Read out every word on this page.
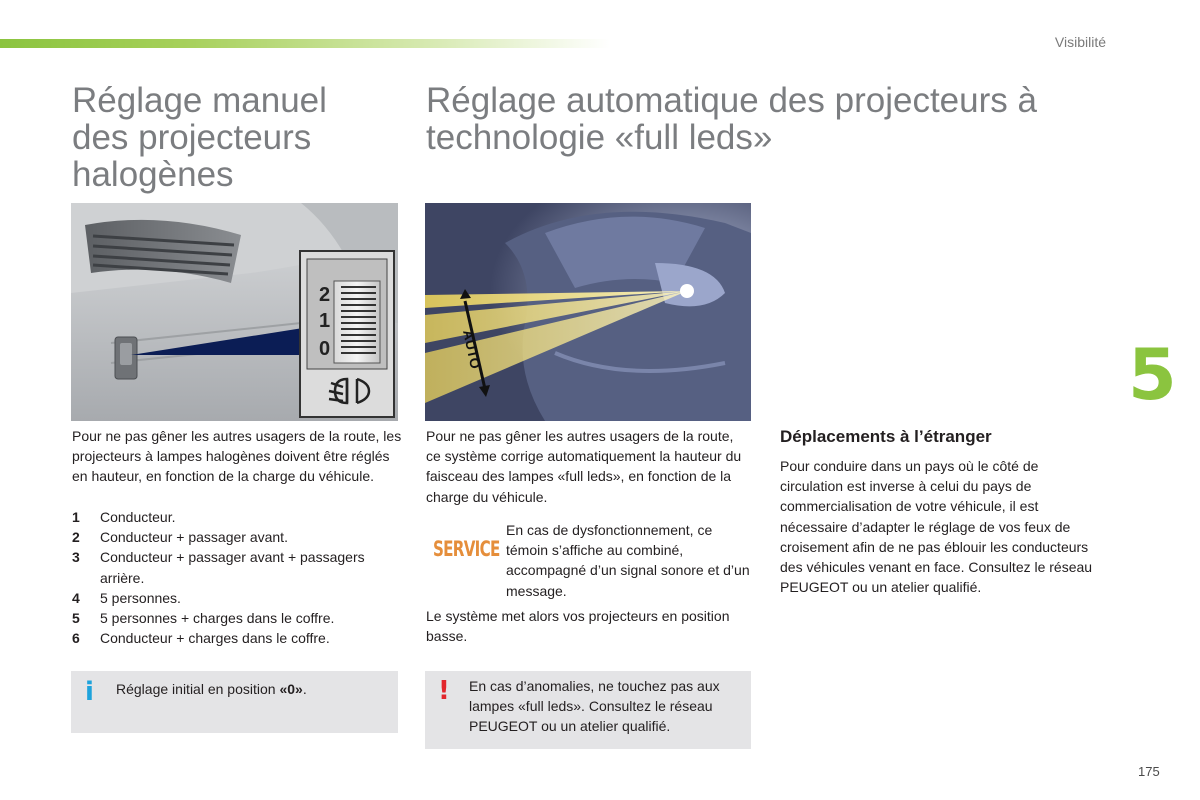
Visibilité
Réglage manuel des projecteurs halogènes
Réglage automatique des projecteurs à technologie «full leds»
2
1
0	AUTO

Pour ne pas gêner les autres usagers de la route, les projecteurs à lampes halogènes doivent être réglés en hauteur, en fonction de la charge du véhicule.

1 Conducteur.
2 Conducteur + passager avant.
3 Conducteur + passager avant + passagers arrière.
4 5 personnes.
5 5 personnes + charges dans le coffre.
6 Conducteur + charges dans le coffre.
i Réglage initial en position «0».

Pour ne pas gêner les autres usagers de la route, ce système corrige automatiquement la hauteur du faisceau des lampes «full leds», en fonction de la charge du véhicule.

SERVICE

En cas de dysfonctionnement, ce témoin s’affiche au combiné, accompagné d’un signal sonore et d’un message.

Le système met alors vos projecteurs en position basse.

! En cas d’anomalies, ne touchez pas aux lampes «full leds». Consultez le réseau PEUGEOT ou un atelier qualifié.
Déplacements à l’étranger

Pour conduire dans un pays où le côté de circulation est inverse à celui du pays de commercialisation de votre véhicule, il est nécessaire d’adapter le réglage de vos feux de croisement afin de ne pas éblouir les conducteurs des véhicules venant en face. Consultez le réseau PEUGEOT ou un atelier qualifié.

5
175
